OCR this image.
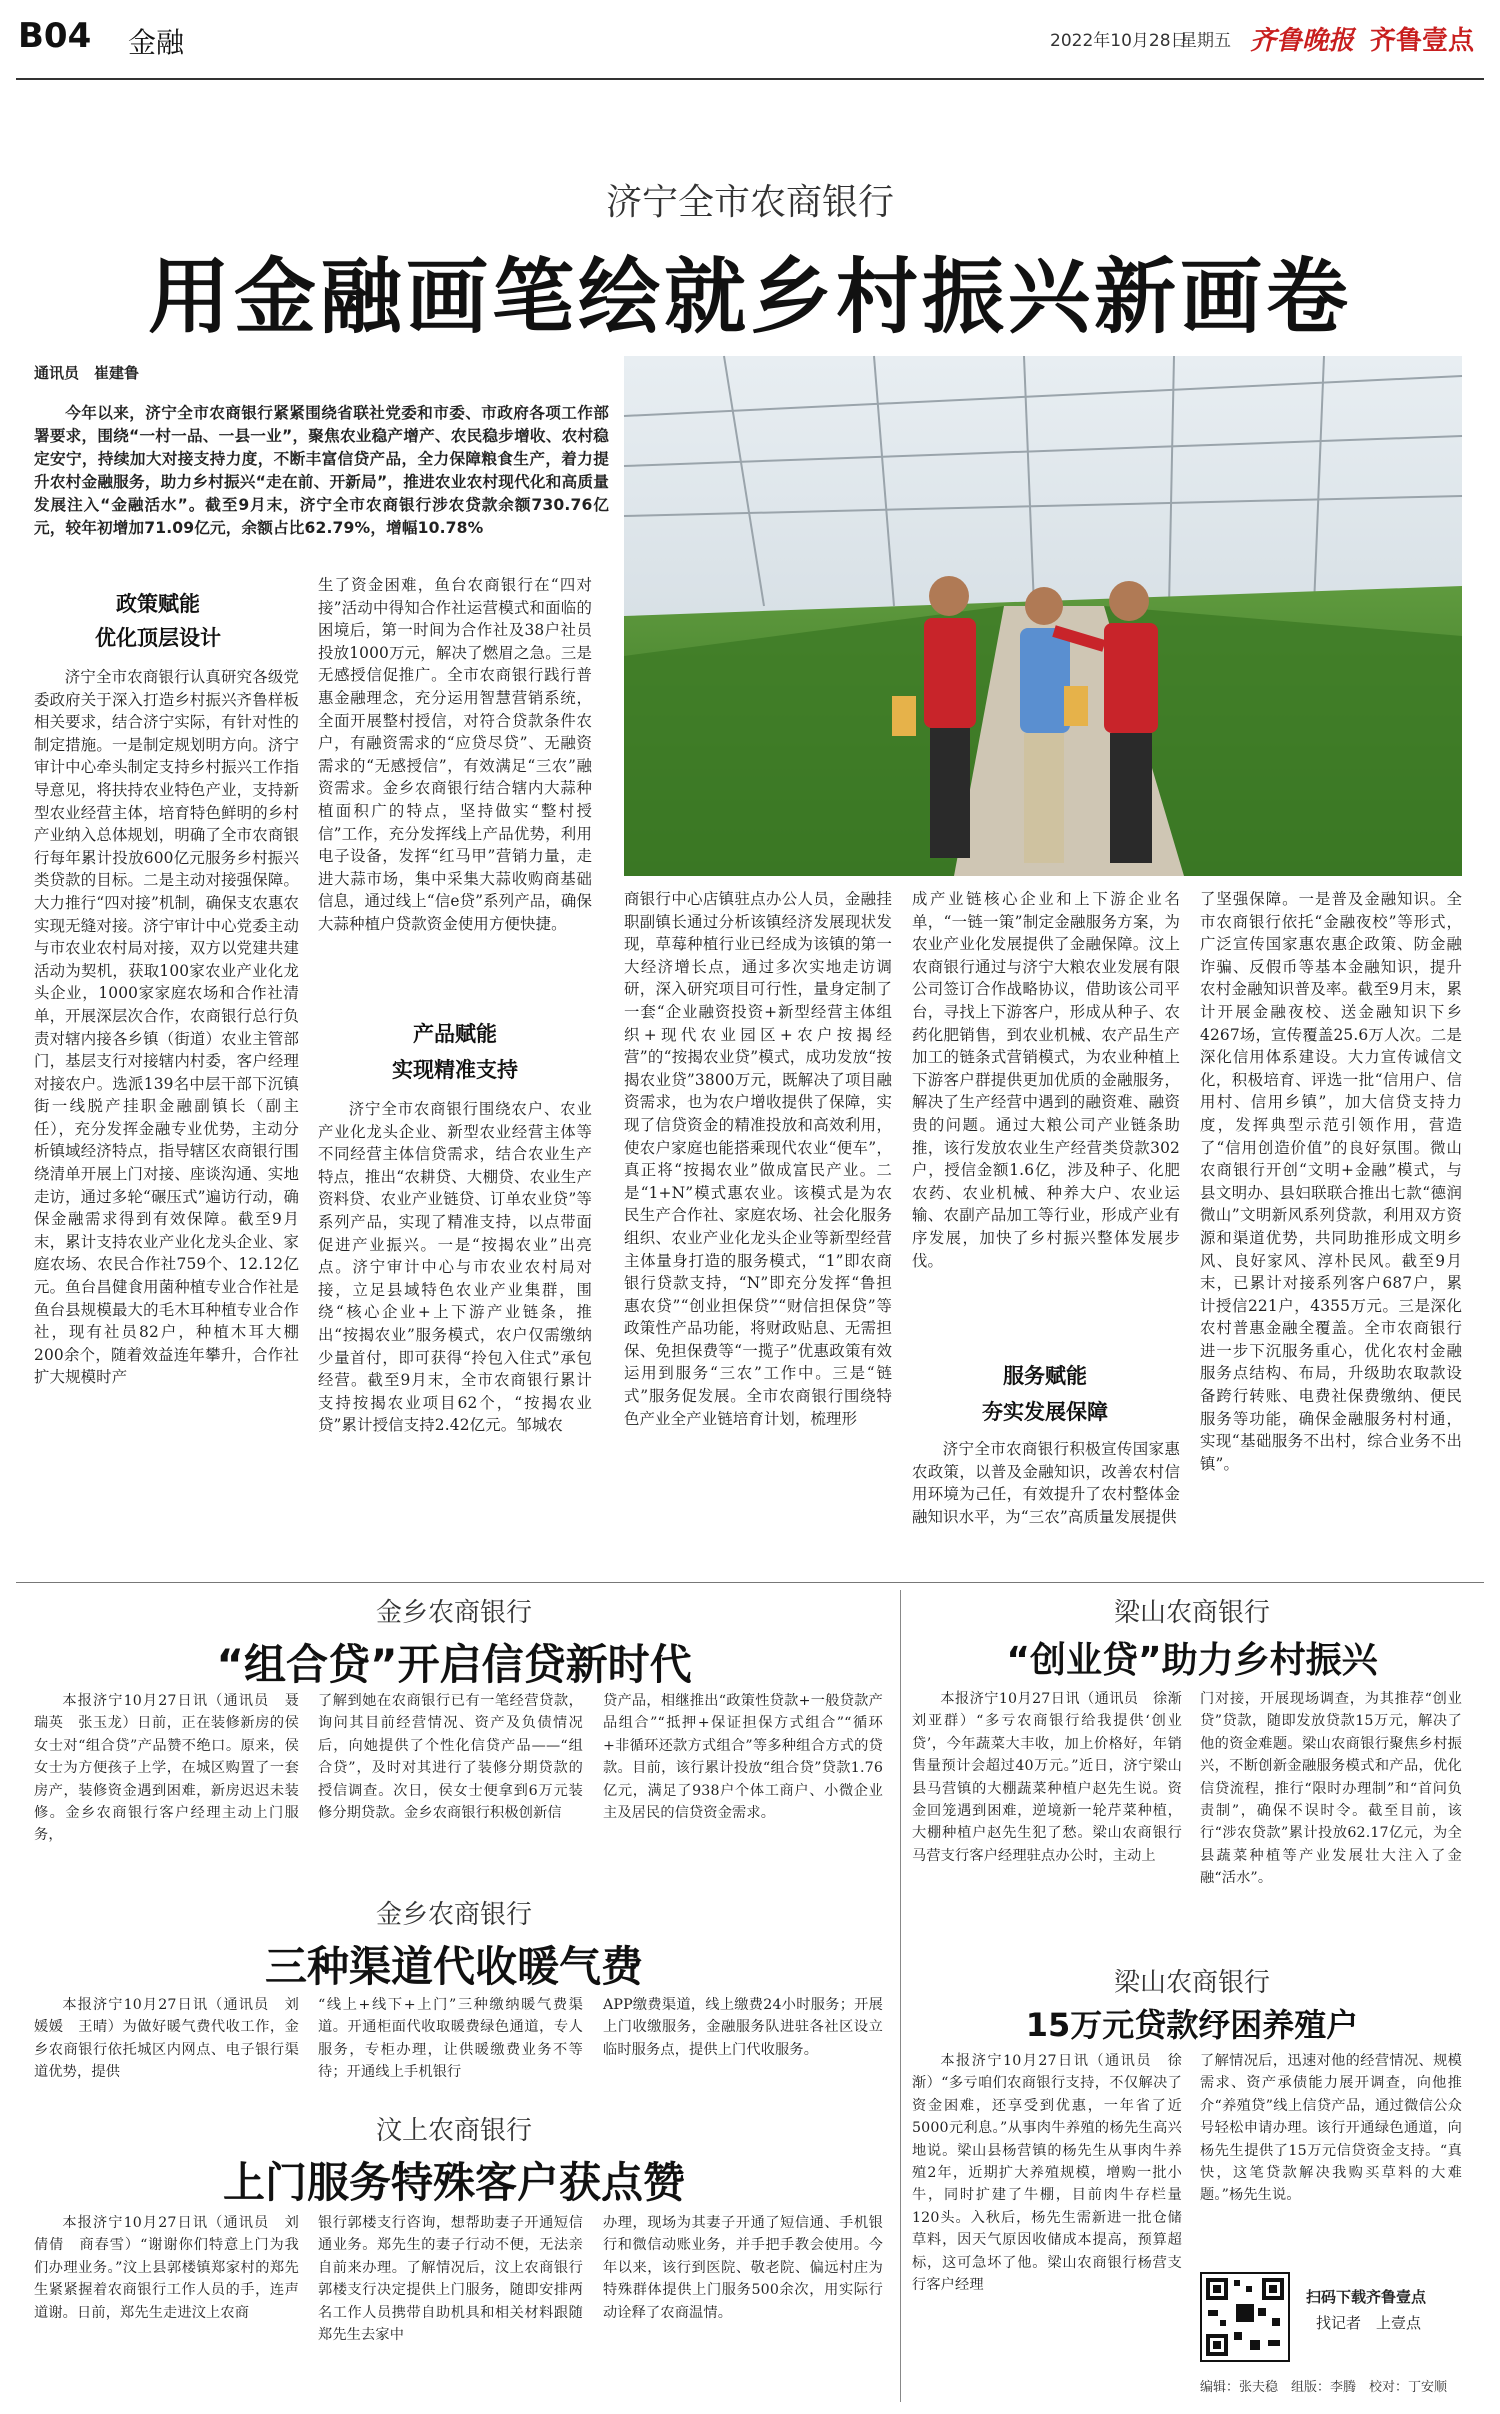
B04 金融	2022年10月28日
星期五 齐鲁晚报 齐鲁壹点
济宁全市农商银行
用金融画笔绘就乡村振兴新画卷
通讯员　崔建鲁

今年以来，济宁全市农商银行紧紧围绕省联社党委和市委、市政府各项工作部署要求，围绕“一村一品、一县一业”，聚焦农业稳产增产、农民稳步增收、农村稳定安宁，持续加大对接支持力度，不断丰富信贷产品，全力保障粮食生产，着力提升农村金融服务，助力乡村振兴“走在前、开新局”，推进农业农村现代化和高质量发展注入“金融活水”。截至9月末，济宁全市农商银行涉农贷款余额730.76亿元，较年初增加71.09亿元，余额占比62.79%，增幅10.78%

政策赋能
优化顶层设计

济宁全市农商银行认真研究各级党委政府关于深入打造乡村振兴齐鲁样板相关要求，结合济宁实际，有针对性的制定措施。一是制定规划明方向。济宁审计中心牵头制定支持乡村振兴工作指导意见，将扶持农业特色产业，支持新型农业经营主体，培育特色鲜明的乡村产业纳入总体规划，明确了全市农商银行每年累计投放600亿元服务乡村振兴类贷款的目标。二是主动对接强保障。大力推行“四对接”机制，确保支农惠农实现无缝对接。济宁审计中心党委主动与市农业农村局对接，双方以党建共建活动为契机，获取100家农业产业化龙头企业，1000家家庭农场和合作社清单，开展深层次合作，农商银行总行负责对辖内接各乡镇（街道）农业主管部门，基层支行对接辖内村委，客户经理对接农户。选派139名中层干部下沉镇街一线脱产挂职金融副镇长（副主任），充分发挥金融专业优势，主动分析镇域经济特点，指导辖区农商银行围绕清单开展上门对接、座谈沟通、实地走访，通过多轮“碾压式”遍访行动，确保金融需求得到有效保障。截至9月末，累计支持农业产业化龙头企业、家庭农场、农民合作社759个、12.12亿元。鱼台昌健食用菌种植专业合作社是鱼台县规模最大的毛木耳种植专业合作社，现有社员82户，种植木耳大棚200余个，随着效益连年攀升，合作社扩大规模时产

生了资金困难，鱼台农商银行在“四对接”活动中得知合作社运营模式和面临的困境后，第一时间为合作社及38户社员投放1000万元，解决了燃眉之急。三是无感授信促推广。全市农商银行践行普惠金融理念，充分运用智慧营销系统，全面开展整村授信，对符合贷款条件农户，有融资需求的“应贷尽贷”、无融资需求的“无感授信”，有效满足“三农”融资需求。金乡农商银行结合辖内大蒜种植面积广的特点，坚持做实“整村授信”工作，充分发挥线上产品优势，利用电子设备，发挥“红马甲”营销力量，走进大蒜市场，集中采集大蒜收购商基础信息，通过线上“信e贷”系列产品，确保大蒜种植户贷款资金使用方便快捷。

产品赋能
实现精准支持

济宁全市农商银行围绕农户、农业产业化龙头企业、新型农业经营主体等不同经营主体信贷需求，结合农业生产特点，推出“农耕贷、大棚贷、农业生产资料贷、农业产业链贷、订单农业贷”等系列产品，实现了精准支持，以点带面促进产业振兴。一是“按揭农业”出亮点。济宁审计中心与市农业农村局对接，立足县域特色农业产业集群，围绕“核心企业+上下游产业链条，推出“按揭农业”服务模式，农户仅需缴纳少量首付，即可获得“拎包入住式”承包经营。截至9月末，全市农商银行累计支持按揭农业项目62个，“按揭农业贷”累计授信支持2.42亿元。邹城农

商银行中心店镇驻点办公人员，金融挂职副镇长通过分析该镇经济发展现状发现，草莓种植行业已经成为该镇的第一大经济增长点，通过多次实地走访调研，深入研究项目可行性，量身定制了一套“企业融资投资+新型经营主体组织+现代农业园区+农户按揭经营”的“按揭农业贷”模式，成功发放“按揭农业贷”3800万元，既解决了项目融资需求，也为农户增收提供了保障，实现了信贷资金的精准投放和高效利用，使农户家庭也能搭乘现代农业“便车”，真正将“按揭农业”做成富民产业。二是“1+N”模式惠农业。该模式是为农民生产合作社、家庭农场、社会化服务组织、农业产业化龙头企业等新型经营主体量身打造的服务模式，“1”即农商银行贷款支持，“N”即充分发挥“鲁担惠农贷”“创业担保贷”“财信担保贷”等政策性产品功能，将财政贴息、无需担保、免担保费等“一揽子”优惠政策有效运用到服务“三农”工作中。三是“链式”服务促发展。全市农商银行围绕特色产业全产业链培育计划，梳理形

成产业链核心企业和上下游企业名单，“一链一策”制定金融服务方案，为农业产业化发展提供了金融保障。汶上农商银行通过与济宁大粮农业发展有限公司签订合作战略协议，借助该公司平台，寻找上下游客户，形成从种子、农药化肥销售，到农业机械、农产品生产加工的链条式营销模式，为农业种植上下游客户群提供更加优质的金融服务，解决了生产经营中遇到的融资难、融资贵的问题。通过大粮公司产业链条助推，该行发放农业生产经营类贷款302户，授信金额1.6亿，涉及种子、化肥农药、农业机械、种养大户、农业运输、农副产品加工等行业，形成产业有序发展，加快了乡村振兴整体发展步伐。

服务赋能
夯实发展保障

济宁全市农商银行积极宣传国家惠农政策，以普及金融知识，改善农村信用环境为己任，有效提升了农村整体金融知识水平，为“三农”高质量发展提供

了坚强保障。一是普及金融知识。全市农商银行依托“金融夜校”等形式，广泛宣传国家惠农惠企政策、防金融诈骗、反假币等基本金融知识，提升农村金融知识普及率。截至9月末，累计开展金融夜校、送金融知识下乡4267场，宣传覆盖25.6万人次。二是深化信用体系建设。大力宣传诚信文化，积极培育、评选一批“信用户、信用村、信用乡镇”，加大信贷支持力度，发挥典型示范引领作用，营造了“信用创造价值”的良好氛围。微山农商银行开创“文明+金融”模式，与县文明办、县妇联联合推出七款“德润微山”文明新风系列贷款，利用双方资源和渠道优势，共同助推形成文明乡风、良好家风、淳朴民风。截至9月末，已累计对接系列客户687户，累计授信221户，4355万元。三是深化农村普惠金融全覆盖。全市农商银行进一步下沉服务重心，优化农村金融服务点结构、布局，升级助农取款设备跨行转账、电费社保费缴纳、便民服务等功能，确保金融服务村村通，实现“基础服务不出村，综合业务不出镇”。

金乡农商银行
“组合贷”开启信贷新时代

本报济宁10月27日讯（通讯员　聂瑞英　张玉龙）日前，正在装修新房的侯女士对“组合贷”产品赞不绝口。原来，侯女士为方便孩子上学，在城区购置了一套房产，装修资金遇到困难，新房迟迟未装修。金乡农商银行客户经理主动上门服务，

了解到她在农商银行已有一笔经营贷款，询问其目前经营情况、资产及负债情况后，向她提供了个性化信贷产品——“组合贷”，及时对其进行了装修分期贷款的授信调查。次日，侯女士便拿到6万元装修分期贷款。金乡农商银行积极创新信

贷产品，相继推出“政策性贷款+一般贷款产品组合”“抵押+保证担保方式组合”“循环+非循环还款方式组合”等多种组合方式的贷款。目前，该行累计投放“组合贷”贷款1.76亿元，满足了938户个体工商户、小微企业主及居民的信贷资金需求。

金乡农商银行
三种渠道代收暖气费

本报济宁10月27日讯（通讯员　刘媛媛　王晴）为做好暖气费代收工作，金乡农商银行依托城区内网点、电子银行渠道优势，提供

“线上+线下+上门”三种缴纳暖气费渠道。开通柜面代收取暖费绿色通道，专人服务，专柜办理，让供暖缴费业务不等待；开通线上手机银行

APP缴费渠道，线上缴费24小时服务；开展上门收缴服务，金融服务队进驻各社区设立临时服务点，提供上门代收服务。

汶上农商银行
上门服务特殊客户获点赞

本报济宁10月27日讯（通讯员　刘倩倩　商春雪）“谢谢你们特意上门为我们办理业务。”汶上县郭楼镇郑家村的郑先生紧紧握着农商银行工作人员的手，连声道谢。日前，郑先生走进汶上农商

银行郭楼支行咨询，想帮助妻子开通短信通业务。郑先生的妻子行动不便，无法亲自前来办理。了解情况后，汶上农商银行郭楼支行决定提供上门服务，随即安排两名工作人员携带自助机具和相关材料跟随郑先生去家中

办理，现场为其妻子开通了短信通、手机银行和微信动账业务，并手把手教会使用。今年以来，该行到医院、敬老院、偏远村庄为特殊群体提供上门服务500余次，用实际行动诠释了农商温情。

梁山农商银行
“创业贷”助力乡村振兴

本报济宁10月27日讯（通讯员　徐渐　刘亚群）“多亏农商银行给我提供‘创业贷’，今年蔬菜大丰收，加上价格好，年销售量预计会超过40万元。”近日，济宁梁山县马营镇的大棚蔬菜种植户赵先生说。资金回笼遇到困难，逆境新一轮芹菜种植，大棚种植户赵先生犯了愁。梁山农商银行马营支行客户经理驻点办公时，主动上

门对接，开展现场调查，为其推荐“创业贷”贷款，随即发放贷款15万元，解决了他的资金难题。梁山农商银行聚焦乡村振兴，不断创新金融服务模式和产品，优化信贷流程，推行“限时办理制”和“首问负责制”，确保不误时令。截至目前，该行“涉农贷款”累计投放62.17亿元，为全县蔬菜种植等产业发展壮大注入了金融“活水”。

梁山农商银行
15万元贷款纾困养殖户

本报济宁10月27日讯（通讯员　徐渐）“多亏咱们农商银行支持，不仅解决了资金困难，还享受到优惠，一年省了近5000元利息。”从事肉牛养殖的杨先生高兴地说。梁山县杨营镇的杨先生从事肉牛养殖2年，近期扩大养殖规模，增购一批小牛，同时扩建了牛棚，目前肉牛存栏量120头。入秋后，杨先生需新进一批仓储草料，因天气原因收储成本提高，预算超标，这可急坏了他。梁山农商银行杨营支行客户经理

了解情况后，迅速对他的经营情况、规模需求、资产承债能力展开调查，向他推介“养殖贷”线上信贷产品，通过微信公众号轻松申请办理。该行开通绿色通道，向杨先生提供了15万元信贷资金支持。“真快，这笔贷款解决我购买草料的大难题。”杨先生说。

扫码下载齐鲁壹点
找记者　上壹点
编辑：张夫稳　组版：李腾　校对：丁安顺
